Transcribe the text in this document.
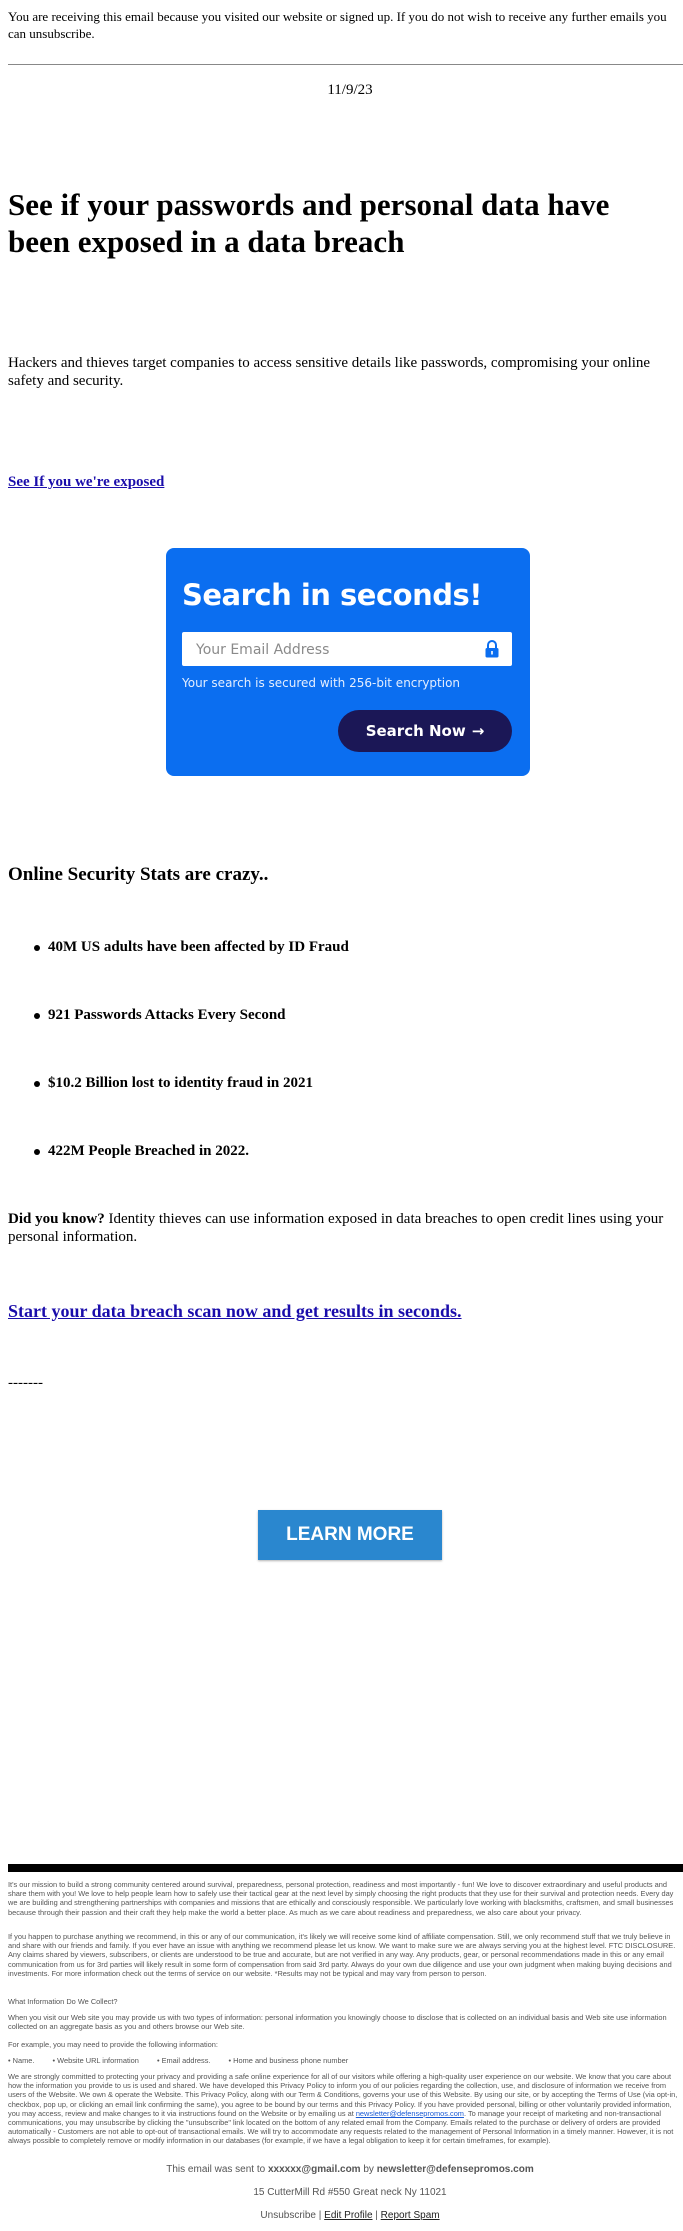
You are receiving this email because you visited our website or signed up. If you do not wish to receive any further emails you can unsubscribe.
11/9/23
See if your passwords and personal data have been exposed in a data breach
Hackers and thieves target companies to access sensitive details like passwords, compromising your online safety and security.
See If you we're exposed
Search in seconds!
Your Email Address
Your search is secured with 256-bit encryption
Search Now →
Online Security Stats are crazy..
40M US adults have been affected by ID Fraud
921 Passwords Attacks Every Second
$10.2 Billion lost to identity fraud in 2021
422M People Breached in 2022.
Did you know? Identity thieves can use information exposed in data breaches to open credit lines using your personal information.
Start your data breach scan now and get results in seconds.
-------
LEARN MORE

It's our mission to build a strong community centered around survival, preparedness, personal protection, readiness and most importantly - fun! We love to discover extraordinary and useful products and share them with you! We love to help people learn how to safely use their tactical gear at the next level by simply choosing the right products that they use for their survival and protection needs. Every day we are building and strengthening partnerships with companies and missions that are ethically and consciously responsible. We particularly love working with blacksmiths, craftsmen, and small businesses because through their passion and their craft they help make the world a better place. As much as we care about readiness and preparedness, we also care about your privacy.

If you happen to purchase anything we recommend, in this or any of our communication, it's likely we will receive some kind of affiliate compensation. Still, we only recommend stuff that we truly believe in and share with our friends and family. If you ever have an issue with anything we recommend please let us know. We want to make sure we are always serving you at the highest level. FTC DISCLOSURE. Any claims shared by viewers, subscribers, or clients are understood to be true and accurate, but are not verified in any way. Any products, gear, or personal recommendations made in this or any email communication from us for 3rd parties will likely result in some form of compensation from said 3rd party. Always do your own due diligence and use your own judgment when making buying decisions and investments. For more information check out the terms of service on our website. *Results may not be typical and may vary from person to person.

What Information Do We Collect?

When you visit our Web site you may provide us with two types of information: personal information you knowingly choose to disclose that is collected on an individual basis and Web site use information collected on an aggregate basis as you and others browse our Web site.

For example, you may need to provide the following information:

• Name. • Website URL information • Email address. • Home and business phone number

We are strongly committed to protecting your privacy and providing a safe online experience for all of our visitors while offering a high-quality user experience on our website. We know that you care about how the information you provide to us is used and shared. We have developed this Privacy Policy to inform you of our policies regarding the collection, use, and disclosure of information we receive from users of the Website. We own & operate the Website. This Privacy Policy, along with our Term & Conditions, governs your use of this Website. By using our site, or by accepting the Terms of Use (via opt-in, checkbox, pop up, or clicking an email link confirming the same), you agree to be bound by our terms and this Privacy Policy. If you have provided personal, billing or other voluntarily provided information, you may access, review and make changes to it via instructions found on the Website or by emailing us at newsletter@defensepromos.com. To manage your receipt of marketing and non-transactional communications, you may unsubscribe by clicking the "unsubscribe" link located on the bottom of any related email from the Company. Emails related to the purchase or delivery of orders are provided automatically - Customers are not able to opt-out of transactional emails. We will try to accommodate any requests related to the management of Personal Information in a timely manner. However, it is not always possible to completely remove or modify information in our databases (for example, if we have a legal obligation to keep it for certain timeframes, for example).

This email was sent to xxxxxx@gmail.com by newsletter@defensepromos.com
15 CutterMill Rd #550 Great neck Ny 11021
Unsubscribe | Edit Profile | Report Spam
